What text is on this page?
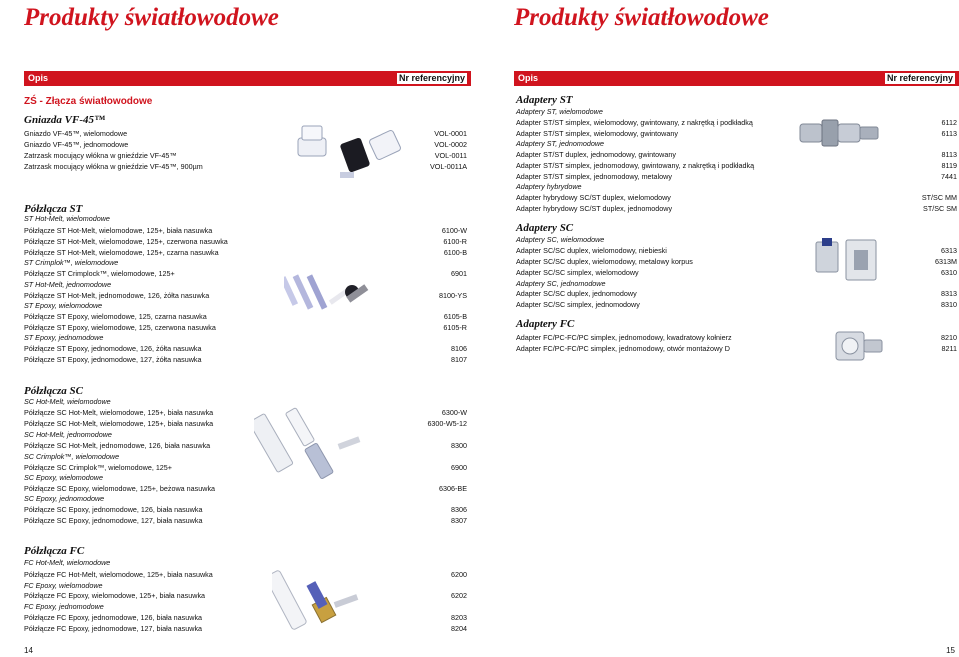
Produkty światłowodowe	Produkty światłowodowe
Opis	Nr referencyjny	Opis	Nr referencyjny
ZŚ - Złącza światłowodowe
Gniazda VF-45™
Gniazdo VF-45™, wielomodowe	VOL-0001
Gniazdo VF-45™, jednomodowe	VOL-0002
Zatrzask mocujący włókna w gnieździe VF-45™	VOL-0011
Zatrzask mocujący włókna w gnieździe VF-45™, 900µm	VOL-0011A
Półzłącza ST
ST Hot-Melt, wielomodowe
Półzłącze ST Hot-Melt, wielomodowe, 125+, biała nasuwka	6100-W
Półzłącze ST Hot-Melt, wielomodowe, 125+, czerwona nasuwka	6100-R
Półzłącze ST Hot-Melt, wielomodowe, 125+, czarna nasuwka	6100-B
ST Crimplok™, wielomodowe
Półzłącze ST Crimplock™, wielomodowe, 125+	6901
ST Hot-Melt, jednomodowe
Półzłącze ST Hot-Melt, jednomodowe, 126, żółta nasuwka	8100-YS
ST Epoxy, wielomodowe
Półzłącze ST Epoxy, wielomodowe, 125, czarna nasuwka	6105-B
Półzłącze ST Epoxy, wielomodowe, 125, czerwona nasuwka	6105-R
ST Epoxy, jednomodowe
Półzłącze ST Epoxy, jednomodowe, 126, żółta nasuwka	8106
Półzłącze ST Epoxy, jednomodowe, 127, żółta nasuwka	8107
Półzłącza SC
SC Hot-Melt, wielomodowe
Półzłącze SC Hot-Melt, wielomodowe, 125+, biała nasuwka	6300-W
Półzłącze SC Hot-Melt, wielomodowe, 125+, biała nasuwka	6300-W5-12
SC Hot-Melt, jednomodowe
Półzłącze SC Hot-Melt, jednomodowe, 126, biała nasuwka	8300
SC Crimplok™, wielomodowe
Półzłącze SC Crimplok™, wielomodowe, 125+	6900
SC Epoxy, wielomodowe
Półzłącze SC Epoxy, wielomodowe, 125+, beżowa nasuwka	6306-BE
SC Epoxy, jednomodowe
Półzłącze SC Epoxy, jednomodowe, 126, biała nasuwka	8306
Półzłącze SC Epoxy, jednomodowe, 127, biała nasuwka	8307
Półzłącza FC
FC Hot-Melt, wielomodowe
Półzłącze FC Hot-Melt, wielomodowe, 125+, biała nasuwka	6200
FC Epoxy, wielomodowe
Półzłącze FC Epoxy, wielomodowe, 125+, biała nasuwka	6202
FC Epoxy, jednomodowe
Półzłącze FC Epoxy, jednomodowe, 126, biała nasuwka	8203
Półzłącze FC Epoxy, jednomodowe, 127, biała nasuwka	8204
Adaptery ST
Adaptery ST, wielomodowe
Adapter ST/ST simplex, wielomodowy, gwintowany, z nakrętką i podkładką	6112
Adapter ST/ST simplex, wielomodowy, gwintowany	6113
Adaptery ST, jednomodowe
Adapter ST/ST duplex, jednomodowy, gwintowany	8113
Adapter ST/ST simplex, jednomodowy, gwintowany, z nakrętką i podkładką	8119
Adapter ST/ST simplex, jednomodowy, metalowy	7441
Adaptery hybrydowe
Adapter hybrydowy SC/ST duplex, wielomodowy	ST/SC MM
Adapter hybrydowy SC/ST duplex, jednomodowy	ST/SC SM
Adaptery SC
Adaptery SC, wielomodowe
Adapter SC/SC duplex, wielomodowy, niebieski	6313
Adapter SC/SC duplex, wielomodowy, metalowy korpus	6313M
Adapter SC/SC simplex, wielomodowy	6310
Adaptery SC, jednomodowe
Adapter SC/SC duplex, jednomodowy	8313
Adapter SC/SC simplex, jednomodowy	8310
Adaptery FC
Adapter FC/PC-FC/PC simplex, jednomodowy, kwadratowy kołnierz	8210
Adapter FC/PC-FC/PC simplex, jednomodowy, otwór montażowy D	8211
14	15
